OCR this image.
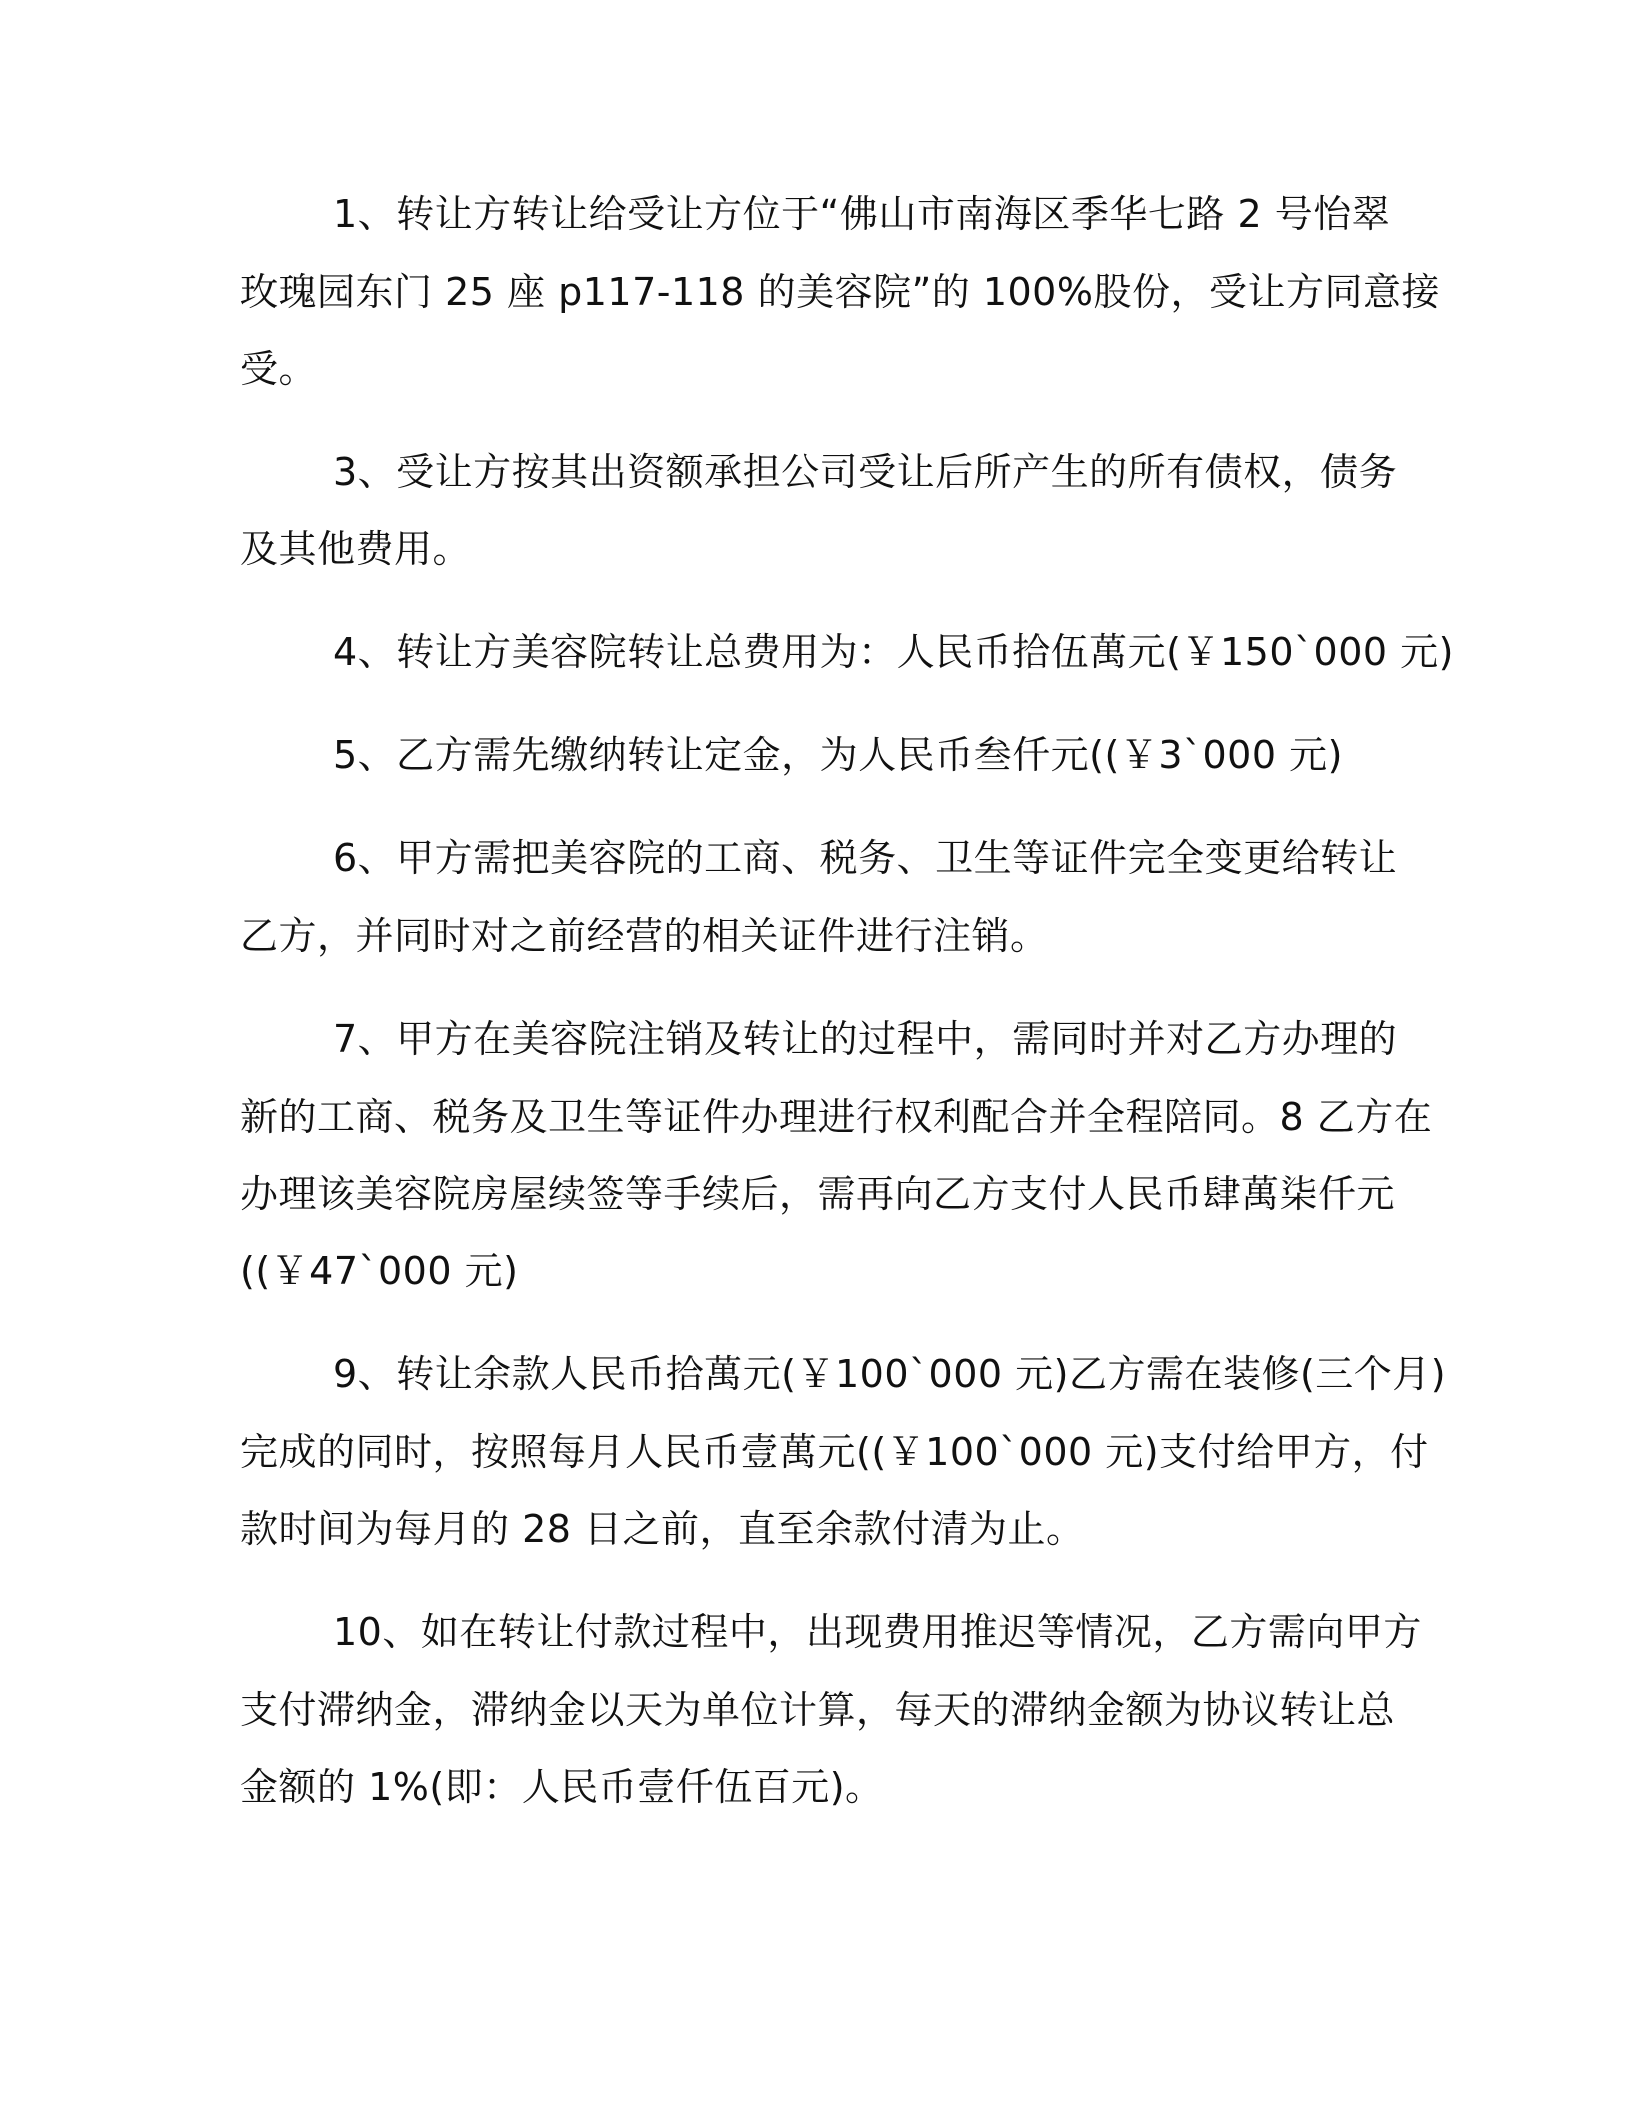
1、转让方转让给受让方位于“佛山市南海区季华七路 2 号怡翠
玫瑰园东门 25 座 p117-118 的美容院”的 100%股份，受让方同意接
受。
3、受让方按其出资额承担公司受让后所产生的所有债权，债务
及其他费用。
4、转让方美容院转让总费用为：人民币拾伍萬元(￥150`000 元)
5、乙方需先缴纳转让定金，为人民币叁仟元((￥3`000 元)
6、甲方需把美容院的工商、税务、卫生等证件完全变更给转让
乙方，并同时对之前经营的相关证件进行注销。
7、甲方在美容院注销及转让的过程中，需同时并对乙方办理的
新的工商、税务及卫生等证件办理进行权利配合并全程陪同。8 乙方在
办理该美容院房屋续签等手续后，需再向乙方支付人民币肆萬柒仟元
((￥47`000 元)
9、转让余款人民币拾萬元(￥100`000 元)乙方需在装修(三个月)
完成的同时，按照每月人民币壹萬元((￥100`000 元)支付给甲方，付
款时间为每月的 28 日之前，直至余款付清为止。
10、如在转让付款过程中，出现费用推迟等情况，乙方需向甲方
支付滞纳金，滞纳金以天为单位计算，每天的滞纳金额为协议转让总
金额的 1%(即：人民币壹仟伍百元)。
